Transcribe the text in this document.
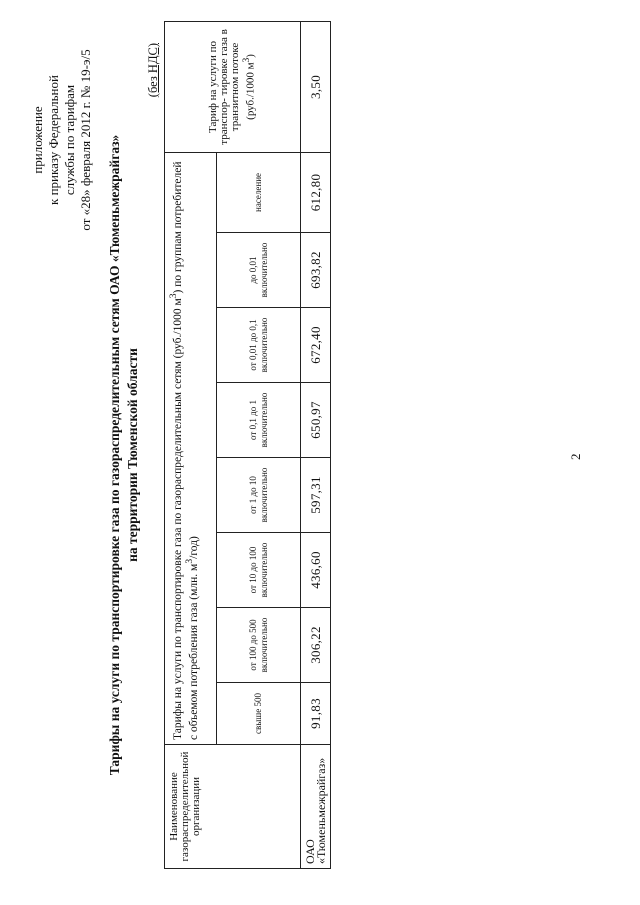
приложение к приказу Федеральной службы по тарифам от «28» февраля 2012 г. № 19-э/5 Тарифы на услуги по транспортировке газа по газораспределительным сетям ОАО «Тюменьмежрайгаз» на территории Тюменской области
(без НДС)
Наименование газораспределительной организации	Тарифы на услуги по транспортировке газа по газораспределительным сетям (руб./1000 $м^3$) по группам потребителей с объемом потребления газа (млн. $м^3/год$)								Тариф на услуги по транспор- тировке газа в транзитном потоке (руб./1000 $м^3$)
	свыше 500	от 100 до 500 включительно	от 10 до 100 включительно	от 1 до 10 включительно	от 0,1 до 1 включительно	от 0,01 до 0,1 включительно	до 0,01 включительно	население	
ОАО «Тюменьмежрайгаз»	91,83	306,22	436,60	597,31	650,97	672,40	693,82	612,80	3,50
2
